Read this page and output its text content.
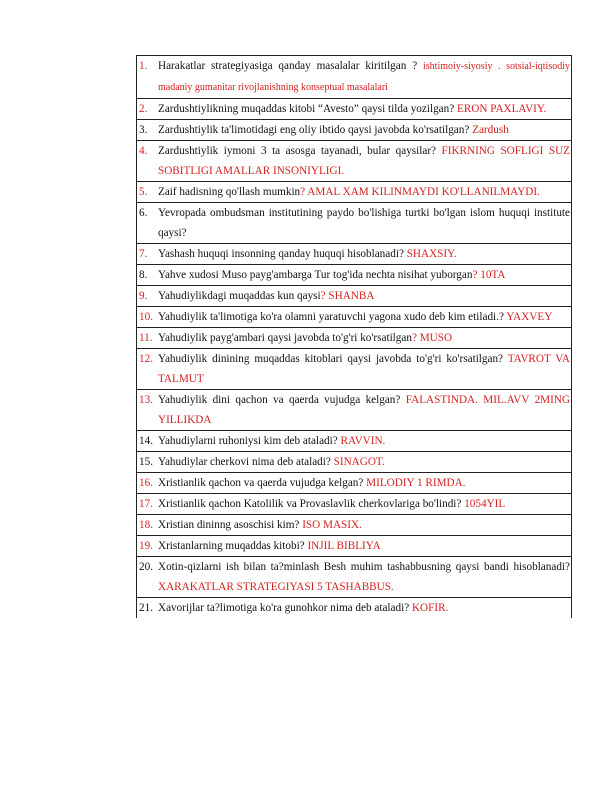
1. Harakatlar strategiyasiga qanday masalalar kiritilgan ? ishtimoiy-siyosiy . sotsial-iqtisodiy madaniy gumanitar rivojlanishning konseptual masalalari

2. Zardushtiylikning muqaddas kitobi “Avesto” qaysi tilda yozilgan? ERON PAXLAVIY.

3. Zardushtiylik ta'limotidagi eng oliy ibtido qaysi javobda ko'rsatilgan? Zardush

4. Zardushtiylik iymoni 3 ta asosga tayanadi, bular qaysilar? FIKRNING SOFLIGI SUZ SOBITLIGI AMALLAR INSONIYLIGI.

5. Zaif hadisning qo'llash mumkin? AMAL XAM KILINMAYDI KO'LLANILMAYDI.

6. Yevropada ombudsman institutining paydo bo'lishiga turtki bo'lgan islom huquqi institute qaysi?

7. Yashash huquqi insonning qanday huquqi hisoblanadi? SHAXSIY.

8. Yahve xudosi Muso payg'ambarga Tur tog'ida nechta nisihat yuborgan? 10TA

9. Yahudiylikdagi muqaddas kun qaysi? SHANBA

10. Yahudiylik ta'limotiga ko'ra olamni yaratuvchi yagona xudo deb kim etiladi.? YAXVEY

11. Yahudiylik payg'ambari qaysi javobda to'g'ri ko'rsatilgan? MUSO

12. Yahudiylik dinining muqaddas kitoblari qaysi javobda to'g'ri ko'rsatilgan? TAVROT VA TALMUT

13. Yahudiylik dini qachon va qaerda vujudga kelgan? FALASTINDA. MIL.AVV 2MING YILLIKDA

14. Yahudiylarni ruhoniysi kim deb ataladi? RAVVIN.

15. Yahudiylar cherkovi nima deb ataladi? SINAGOT.

16. Xristianlik qachon va qaerda vujudga kelgan? MILODIY 1 RIMDA.

17. Xristianlik qachon Katolilik va Provaslavlik cherkovlariga bo'lindi? 1054YIL

18. Xristian dininng asoschisi kim? ISO MASIX.

19. Xristanlarning muqaddas kitobi? INJIL BIBLIYA

20. Xotin-qizlarni ish bilan ta?minlash Besh muhim tashabbusning qaysi bandi hisoblanadi? XARAKATLAR STRATEGIYASI 5 TASHABBUS.

21. Xavorijlar ta?limotiga ko'ra gunohkor nima deb ataladi? KOFIR.
